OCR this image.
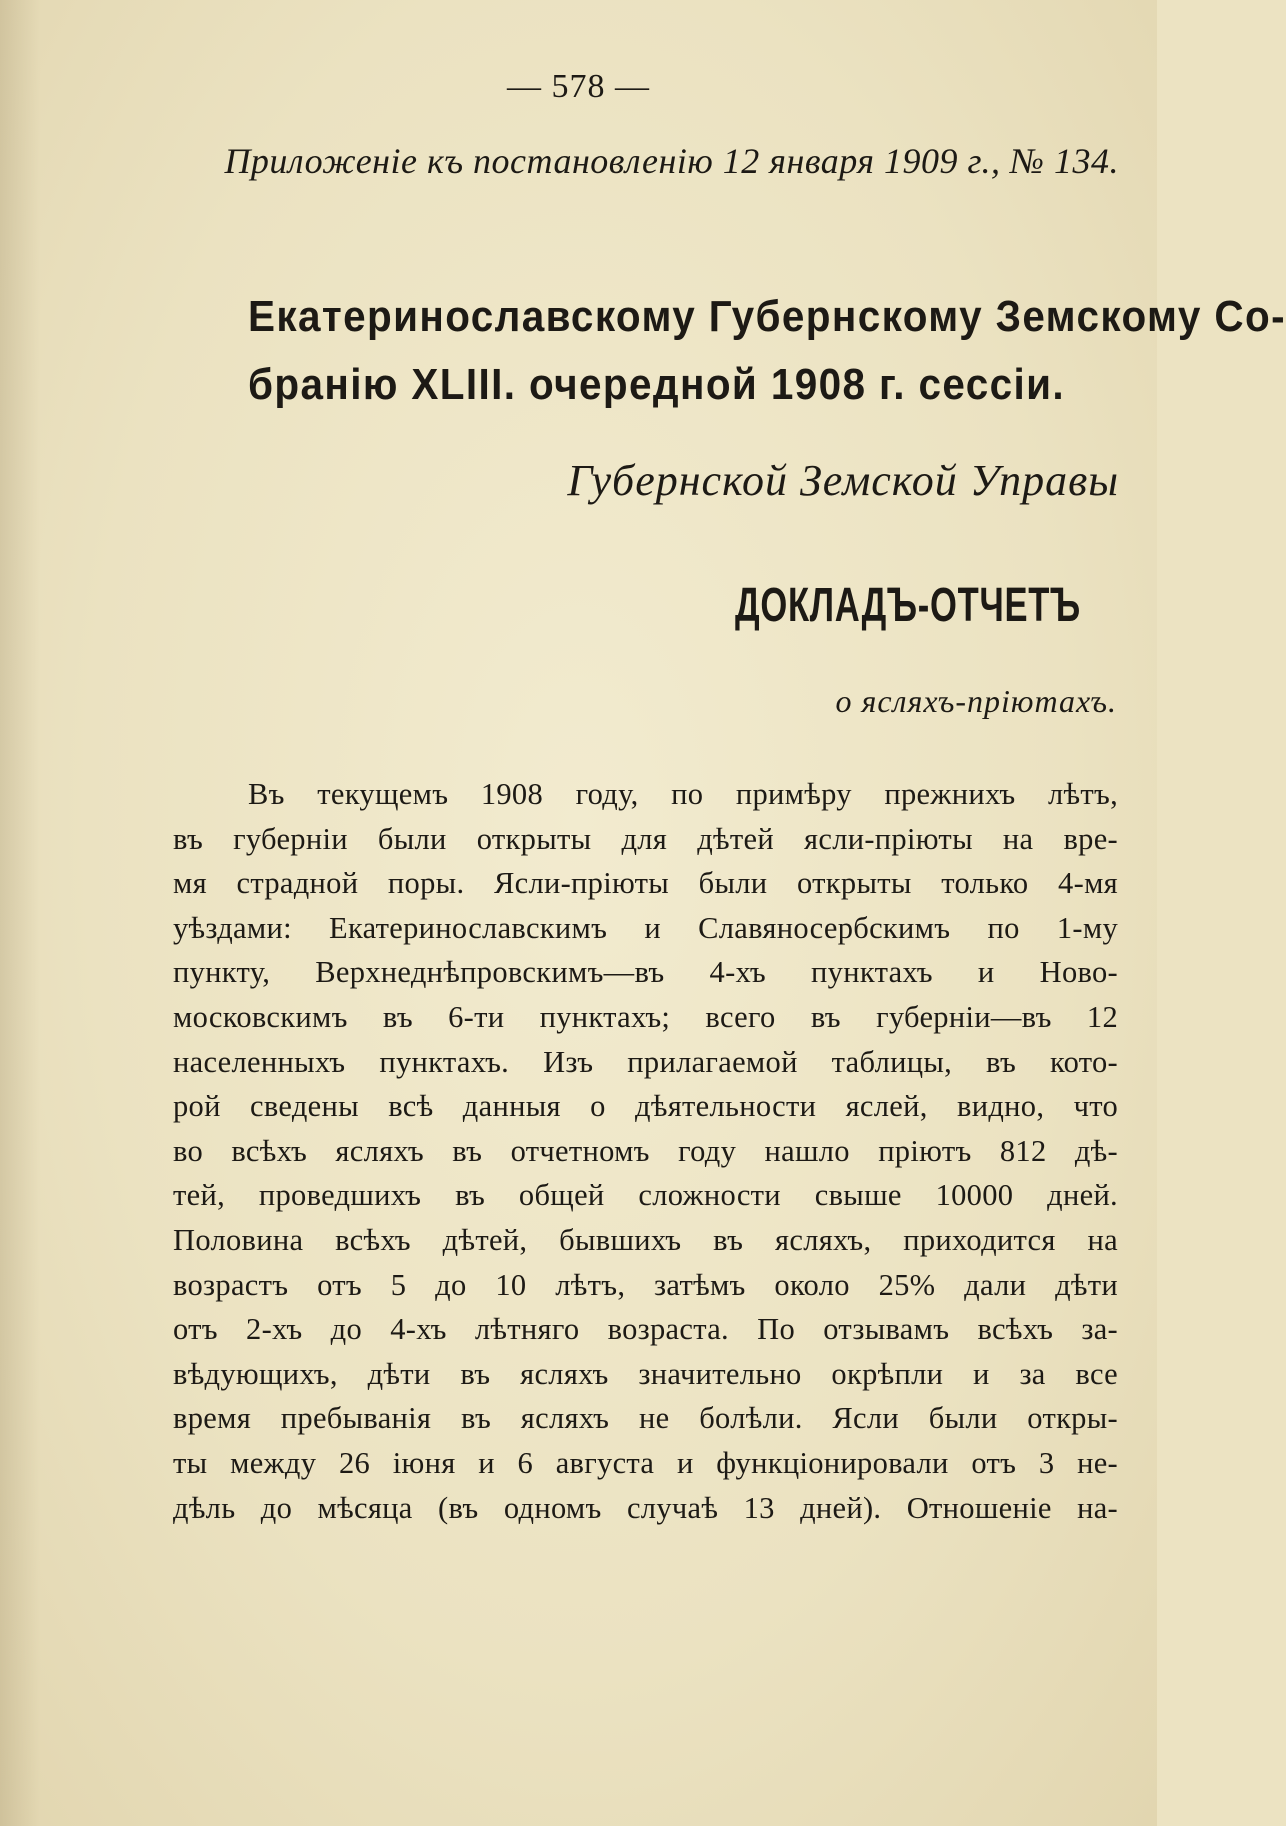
— 578 —
Приложеніе къ постановленію 12 января 1909 г., № 134.
Екатеринославскому Губернскому Земскому Со-
бранію XLIII. очередной 1908 г. сессіи.
Губернской Земской Управы
ДОКЛАДЪ-ОТЧЕТЪ
о ясляхъ-пріютахъ.
Въ текущемъ 1908 году, по примѣру прежнихъ лѣтъ,
въ губерніи были открыты для дѣтей ясли-пріюты на вре-
мя страдной поры. Ясли-пріюты были открыты только 4-мя
уѣздами: Екатеринославскимъ и Славяносербскимъ по 1-му
пункту, Верхнеднѣпровскимъ—въ 4-хъ пунктахъ и Ново-
московскимъ въ 6-ти пунктахъ; всего въ губерніи—въ 12
населенныхъ пунктахъ. Изъ прилагаемой таблицы, въ кото-
рой сведены всѣ данныя о дѣятельности яслей, видно, что
во всѣхъ ясляхъ въ отчетномъ году нашло пріютъ 812 дѣ-
тей, проведшихъ въ общей сложности свыше 10000 дней.
Половина всѣхъ дѣтей, бывшихъ въ ясляхъ, приходится на
возрастъ отъ 5 до 10 лѣтъ, затѣмъ около 25% дали дѣти
отъ 2-хъ до 4-хъ лѣтняго возраста. По отзывамъ всѣхъ за-
вѣдующихъ, дѣти въ ясляхъ значительно окрѣпли и за все
время пребыванія въ ясляхъ не болѣли. Ясли были откры-
ты между 26 іюня и 6 августа и функціонировали отъ 3 не-
дѣль до мѣсяца (въ одномъ случаѣ 13 дней). Отношеніе на-
